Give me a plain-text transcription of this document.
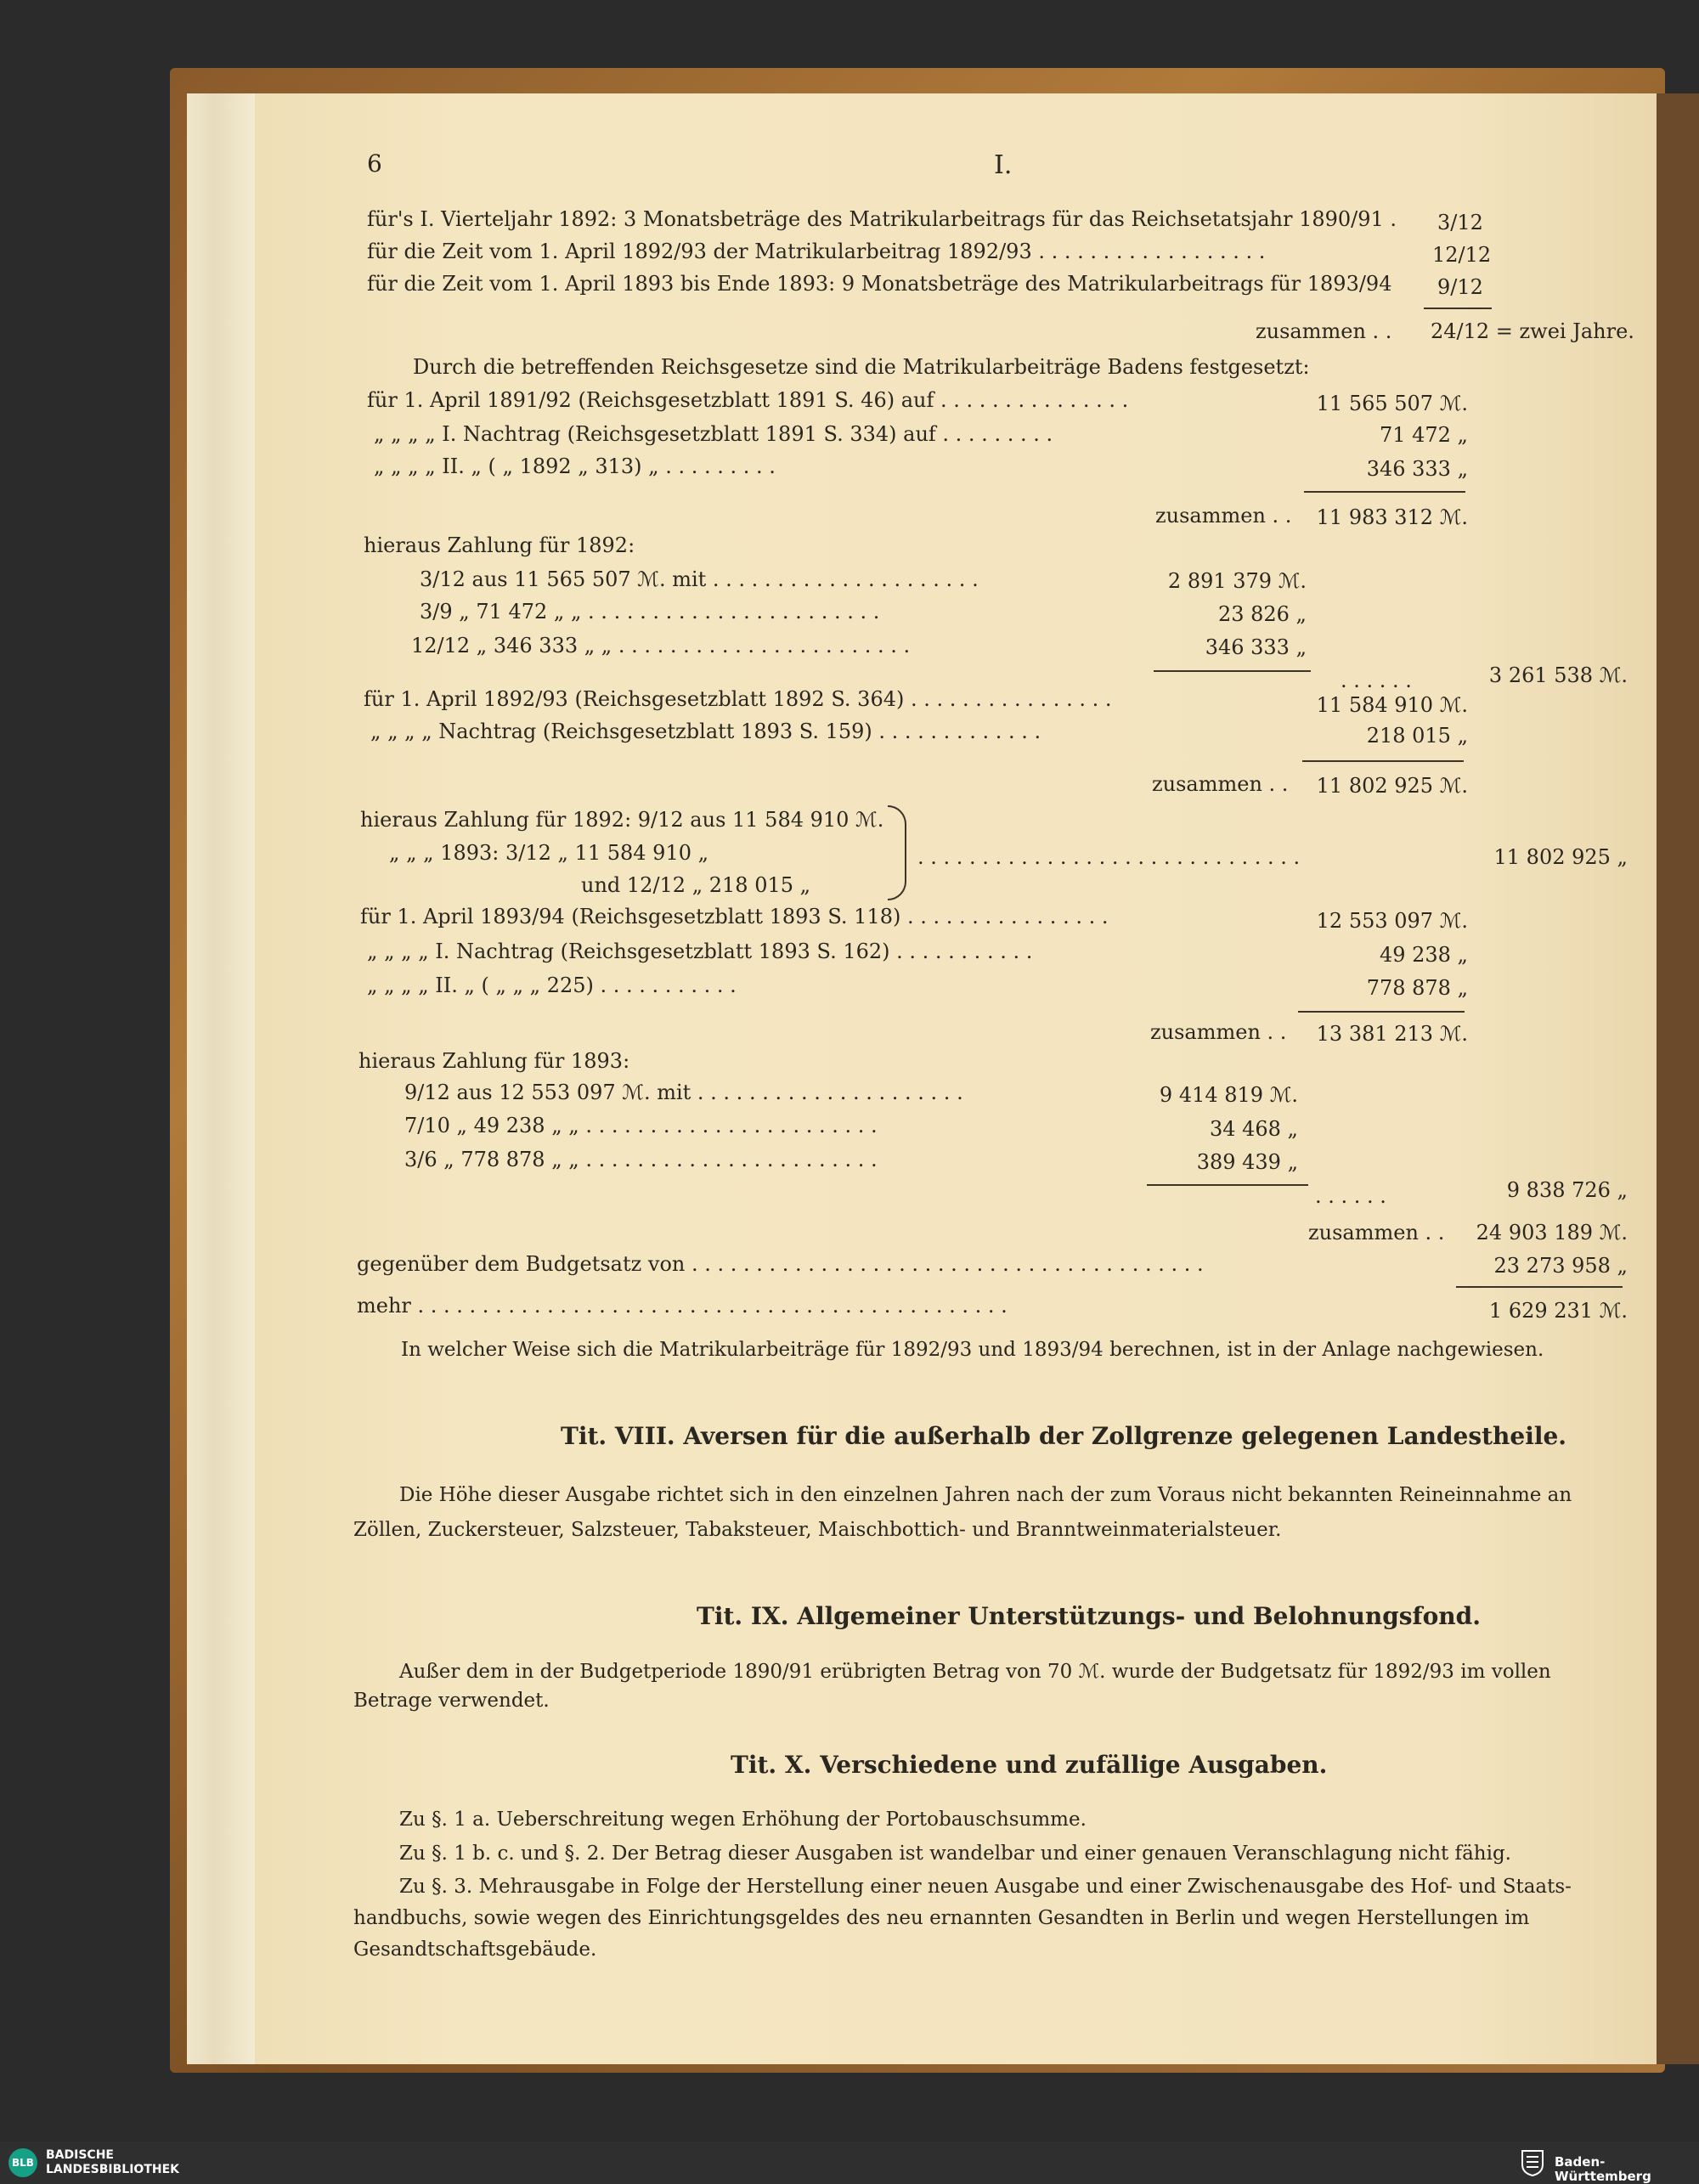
6	I.
für's I. Vierteljahr 1892: 3 Monatsbeträge des Matrikularbeitrags für das Reichsetatsjahr 1890/91 . 3/12
für die Zeit vom 1. April 1892/93 der Matrikularbeitrag 1892/93 . . . . . . . . . . . . . . . . . .	12/12
für die Zeit vom 1. April 1893 bis Ende 1893: 9 Monatsbeträge des Matrikularbeitrags für 1893/94 9/12
zusammen . . 24/12 = zwei Jahre.
Durch die betreffenden Reichsgesetze sind die Matrikularbeiträge Badens festgesetzt:
für 1. April 1891/92 (Reichsgesetzblatt 1891 S. 46) auf . . . . . . . . . . . . . . .	11 565 507 ℳ.
„ „ „ „ I. Nachtrag (Reichsgesetzblatt 1891 S. 334) auf . . . . . . . . .	71 472 „
„ „ „ „ II. „ ( „ 1892 „ 313) „ . . . . . . . . .	346 333 „
zusammen . .	11 983 312 ℳ.
hieraus Zahlung für 1892:
3/12 aus 11 565 507 ℳ. mit . . . . . . . . . . . . . . . . . . . . .	2 891 379 ℳ.
3/9 „ 71 472 „ „ . . . . . . . . . . . . . . . . . . . . . . .	23 826 „
12/12 „ 346 333 „ „ . . . . . . . . . . . . . . . . . . . . . . .	346 333 „
. . . . . .	3 261 538 ℳ.
für 1. April 1892/93 (Reichsgesetzblatt 1892 S. 364) . . . . . . . . . . . . . . . .	11 584 910 ℳ.
„ „ „ „ Nachtrag (Reichsgesetzblatt 1893 S. 159) . . . . . . . . . . . . .	218 015 „
zusammen . .	11 802 925 ℳ.
hieraus Zahlung für 1892: 9/12 aus 11 584 910 ℳ.
„ „ „ 1893: 3/12 „ 11 584 910 „
und 12/12 „ 218 015 „
. . . . . . . . . . . . . . . . . . . . . . . . . . . . . .	11 802 925 „
für 1. April 1893/94 (Reichsgesetzblatt 1893 S. 118) . . . . . . . . . . . . . . . .	12 553 097 ℳ.
„ „ „ „ I. Nachtrag (Reichsgesetzblatt 1893 S. 162) . . . . . . . . . . .	49 238 „
„ „ „ „ II. „ ( „ „ „ 225) . . . . . . . . . . .	778 878 „
zusammen . .	13 381 213 ℳ.
hieraus Zahlung für 1893:
9/12 aus 12 553 097 ℳ. mit . . . . . . . . . . . . . . . . . . . . .	9 414 819 ℳ.
7/10 „ 49 238 „ „ . . . . . . . . . . . . . . . . . . . . . . .	34 468 „
3/6 „ 778 878 „ „ . . . . . . . . . . . . . . . . . . . . . . .	389 439 „
. . . . . .	9 838 726 „
zusammen . .	24 903 189 ℳ.
gegenüber dem Budgetsatz von . . . . . . . . . . . . . . . . . . . . . . . . . . . . . . . . . . . . . . . .	23 273 958 „
mehr . . . . . . . . . . . . . . . . . . . . . . . . . . . . . . . . . . . . . . . . . . . . . .	1 629 231 ℳ.
In welcher Weise sich die Matrikularbeiträge für 1892/93 und 1893/94 berechnen, ist in der Anlage nachgewiesen.
Tit. VIII. Aversen für die außerhalb der Zollgrenze gelegenen Landestheile.
Die Höhe dieser Ausgabe richtet sich in den einzelnen Jahren nach der zum Voraus nicht bekannten Reineinnahme an
Zöllen, Zuckersteuer, Salzsteuer, Tabaksteuer, Maischbottich- und Branntweinmaterialsteuer.
Tit. IX. Allgemeiner Unterstützungs- und Belohnungsfond.
Außer dem in der Budgetperiode 1890/91 erübrigten Betrag von 70 ℳ. wurde der Budgetsatz für 1892/93 im vollen
Betrage verwendet.
Tit. X. Verschiedene und zufällige Ausgaben.
Zu §. 1 a. Ueberschreitung wegen Erhöhung der Portobauschsumme.
Zu §. 1 b. c. und §. 2. Der Betrag dieser Ausgaben ist wandelbar und einer genauen Veranschlagung nicht fähig.
Zu §. 3. Mehrausgabe in Folge der Herstellung einer neuen Ausgabe und einer Zwischenausgabe des Hof- und Staats-
handbuchs, sowie wegen des Einrichtungsgeldes des neu ernannten Gesandten in Berlin und wegen Herstellungen im
Gesandtschaftsgebäude.
BLB
BADISCHE
LANDESBIBLIOTHEK	Baden-Württemberg
